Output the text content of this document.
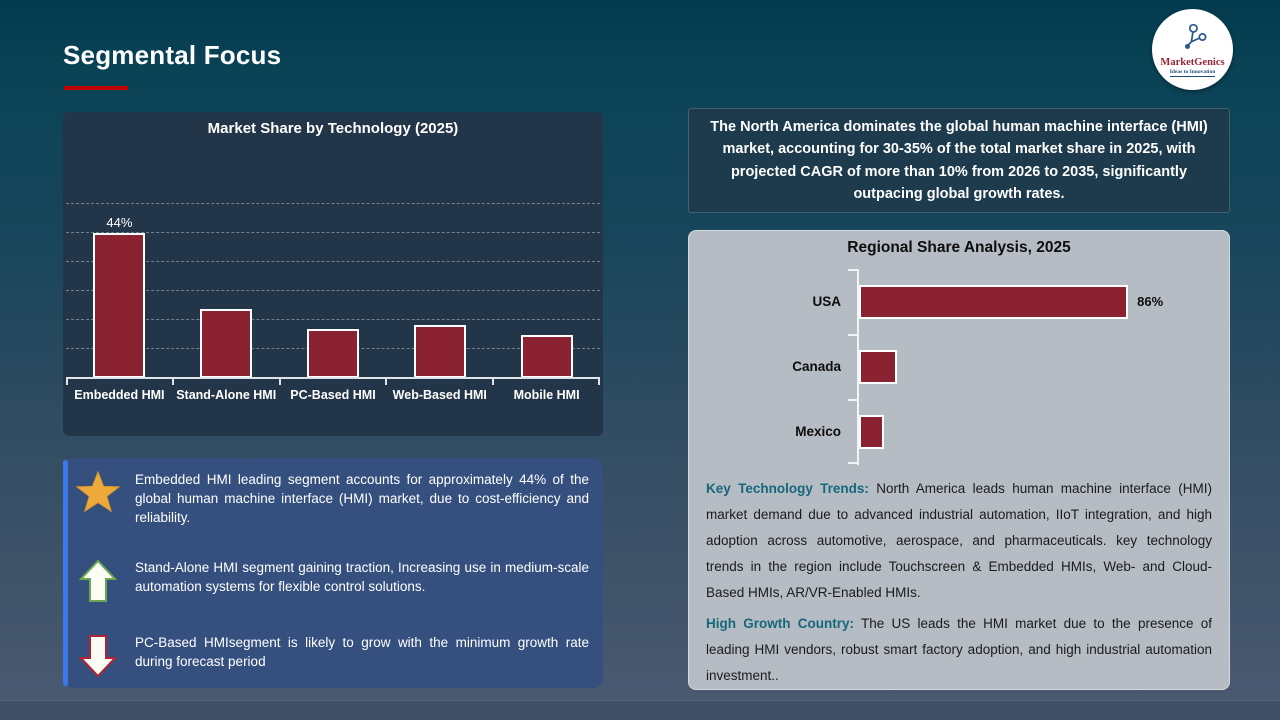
Segmental Focus	MarketGenics
Ideas to Innovation
Market Share by Technology (2025)
44%
Embedded HMI Stand-Alone HMI	PC-Based HMI	Web-Based HMI	Mobile HMI

Embedded HMI leading segment accounts for approximately 44% of the global human machine interface (HMI) market, due to cost-efficiency and reliability.

Stand-Alone HMI segment gaining traction, Increasing use in medium-scale automation systems for flexible control solutions.

PC-Based HMIsegment is likely to grow with the minimum growth rate during forecast period

The North America dominates the global human machine interface (HMI) market, accounting for 30-35% of the total market share in 2025, with projected CAGR of more than 10% from 2026 to 2035, significantly outpacing global growth rates.

Regional Share Analysis, 2025
USA	86%
Canada
Mexico

Key Technology Trends: North America leads human machine interface (HMI) market demand due to advanced industrial automation, IIoT integration, and high adoption across automotive, aerospace, and pharmaceuticals. key technology trends in the region include Touchscreen & Embedded HMIs, Web- and Cloud-Based HMIs, AR/VR-Enabled HMIs.

High Growth Country: The US leads the HMI market due to the presence of leading HMI vendors, robust smart factory adoption, and high industrial automation investment..
